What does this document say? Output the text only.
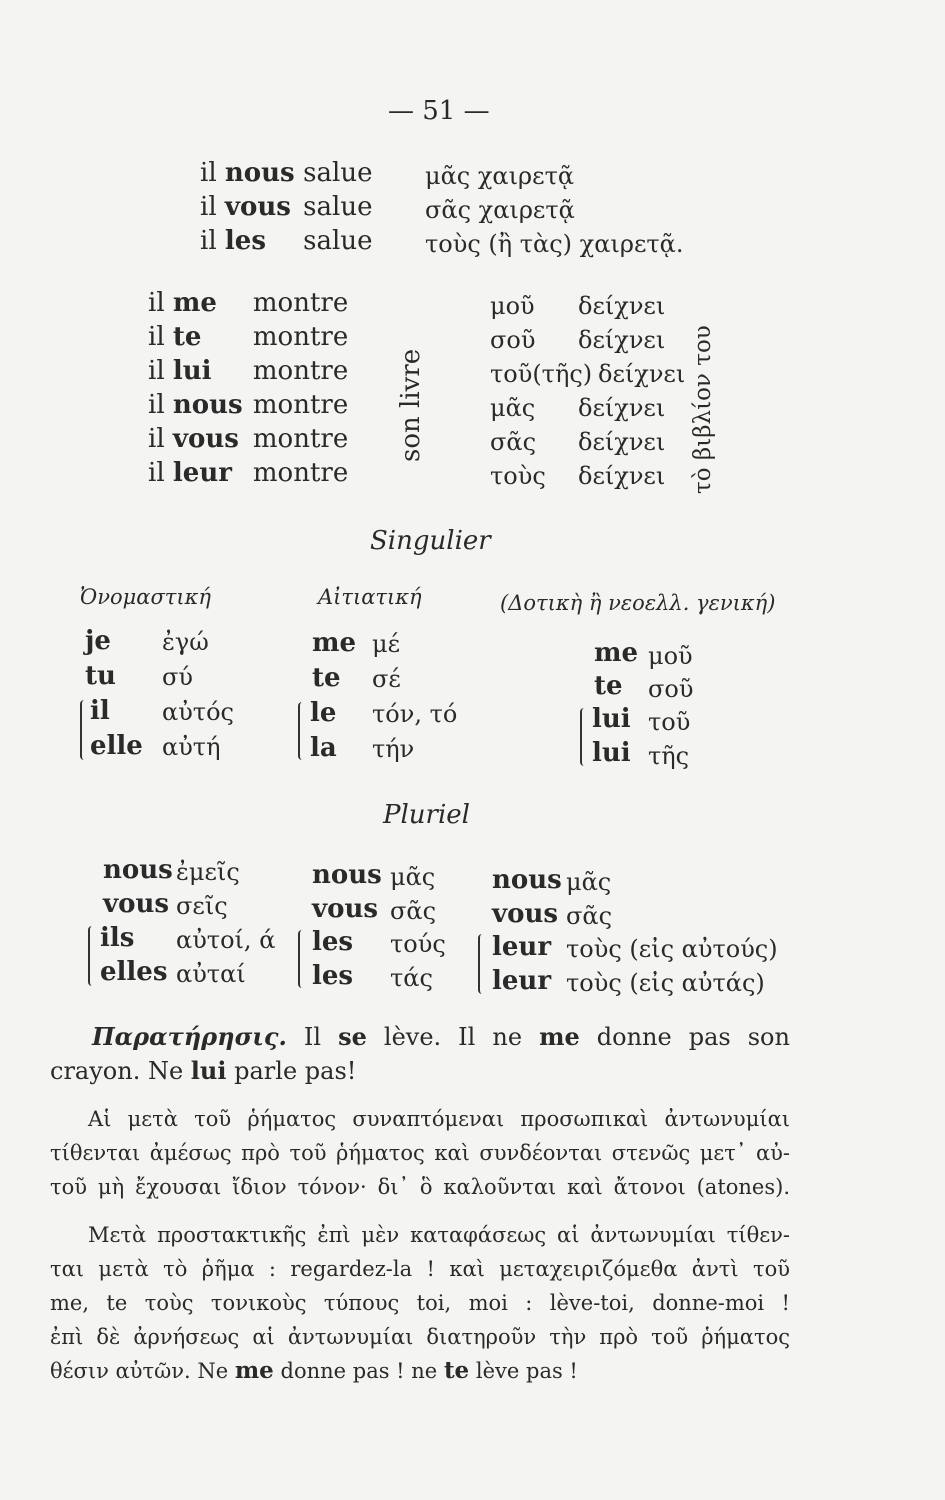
— 51 —
il nous salue μᾶς χαιρετᾷ
il vous salue σᾶς χαιρετᾷ
il les salue τοὺς (ἢ τὰς) χαιρετᾷ.
il me montre
il te montre
il lui montre
il nous montre
il vous montre
il leur montre
son livre
μοῦ δείχνει
σοῦ δείχνει
τοῦ(τῆς) δείχνει
μᾶς δείχνει
σᾶς δείχνει
τοὺς δείχνει τὸ βιβλίον του
Singulier
Ὀνομαστική	Αἰτιατική	(Δοτικὴ ἢ νεοελλ. γενική)
je ἐγώ
tu σύ
il αὐτός
elle αὐτή
me μέ
te σέ
le τόν, τό
la τήν
me μοῦ
te σοῦ
lui τοῦ
lui τῆς
Pluriel
nous ἐμεῖς
vous σεῖς
ils αὐτοί, ά
elles αὐταί
nous μᾶς
vous σᾶς
les τούς
les τάς
nous μᾶς
vous σᾶς
leur τοὺς (εἰς αὐτούς)
leur τοὺς (εἰς αὐτάς)
Παρατήρησις. Il se lève. Il ne me donne pas son
crayon. Ne lui parle pas!
Αἱ μετὰ τοῦ ῥήματος συναπτόμεναι προσωπικαὶ ἀντωνυμίαι
τίθενται ἀμέσως πρὸ τοῦ ῥήματος καὶ συνδέονται στενῶς μετ᾽ αὐ-
τοῦ μὴ ἔχουσαι ἴδιον τόνον· δι᾽ ὃ καλοῦνται καὶ ἄτονοι (atones).
Μετὰ προστακτικῆς ἐπὶ μὲν καταφάσεως αἱ ἀντωνυμίαι τίθεν-
ται μετὰ τὸ ῥῆμα : regardez-la ! καὶ μεταχειριζόμεθα ἀντὶ τοῦ
me, te τοὺς τονικοὺς τύπους toi, moi : lève-toi, donne-moi !
ἐπὶ δὲ ἀρνήσεως αἱ ἀντωνυμίαι διατηροῦν τὴν πρὸ τοῦ ῥήματος
θέσιν αὐτῶν. Ne me donne pas ! ne te lève pas !
